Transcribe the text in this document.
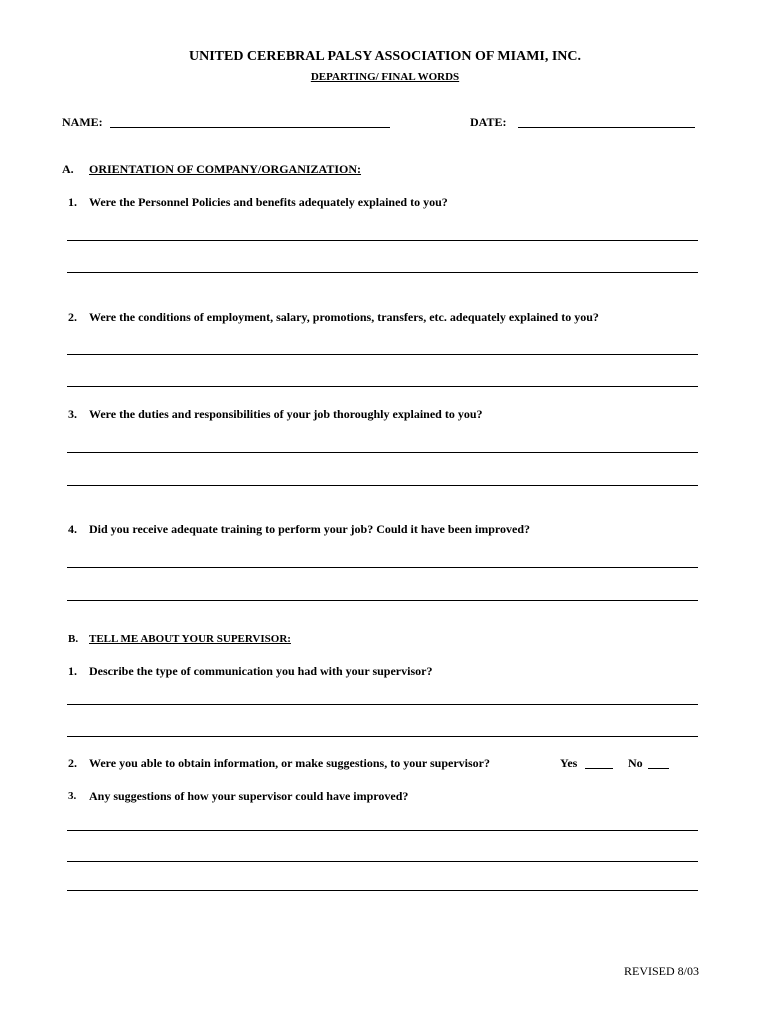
UNITED CEREBRAL PALSY ASSOCIATION OF MIAMI, INC.
DEPARTING/ FINAL WORDS
NAME:	DATE:
A. ORIENTATION OF COMPANY/ORGANIZATION:
1. Were the Personnel Policies and benefits adequately explained to you?
2. Were the conditions of employment, salary, promotions, transfers, etc. adequately explained to you?
3. Were the duties and responsibilities of your job thoroughly explained to you?
4. Did you receive adequate training to perform your job? Could it have been improved?
B. TELL ME ABOUT YOUR SUPERVISOR:
1. Describe the type of communication you had with your supervisor?
2. Were you able to obtain information, or make suggestions, to your supervisor?	Yes	No
3. Any suggestions of how your supervisor could have improved?
REVISED 8/03
